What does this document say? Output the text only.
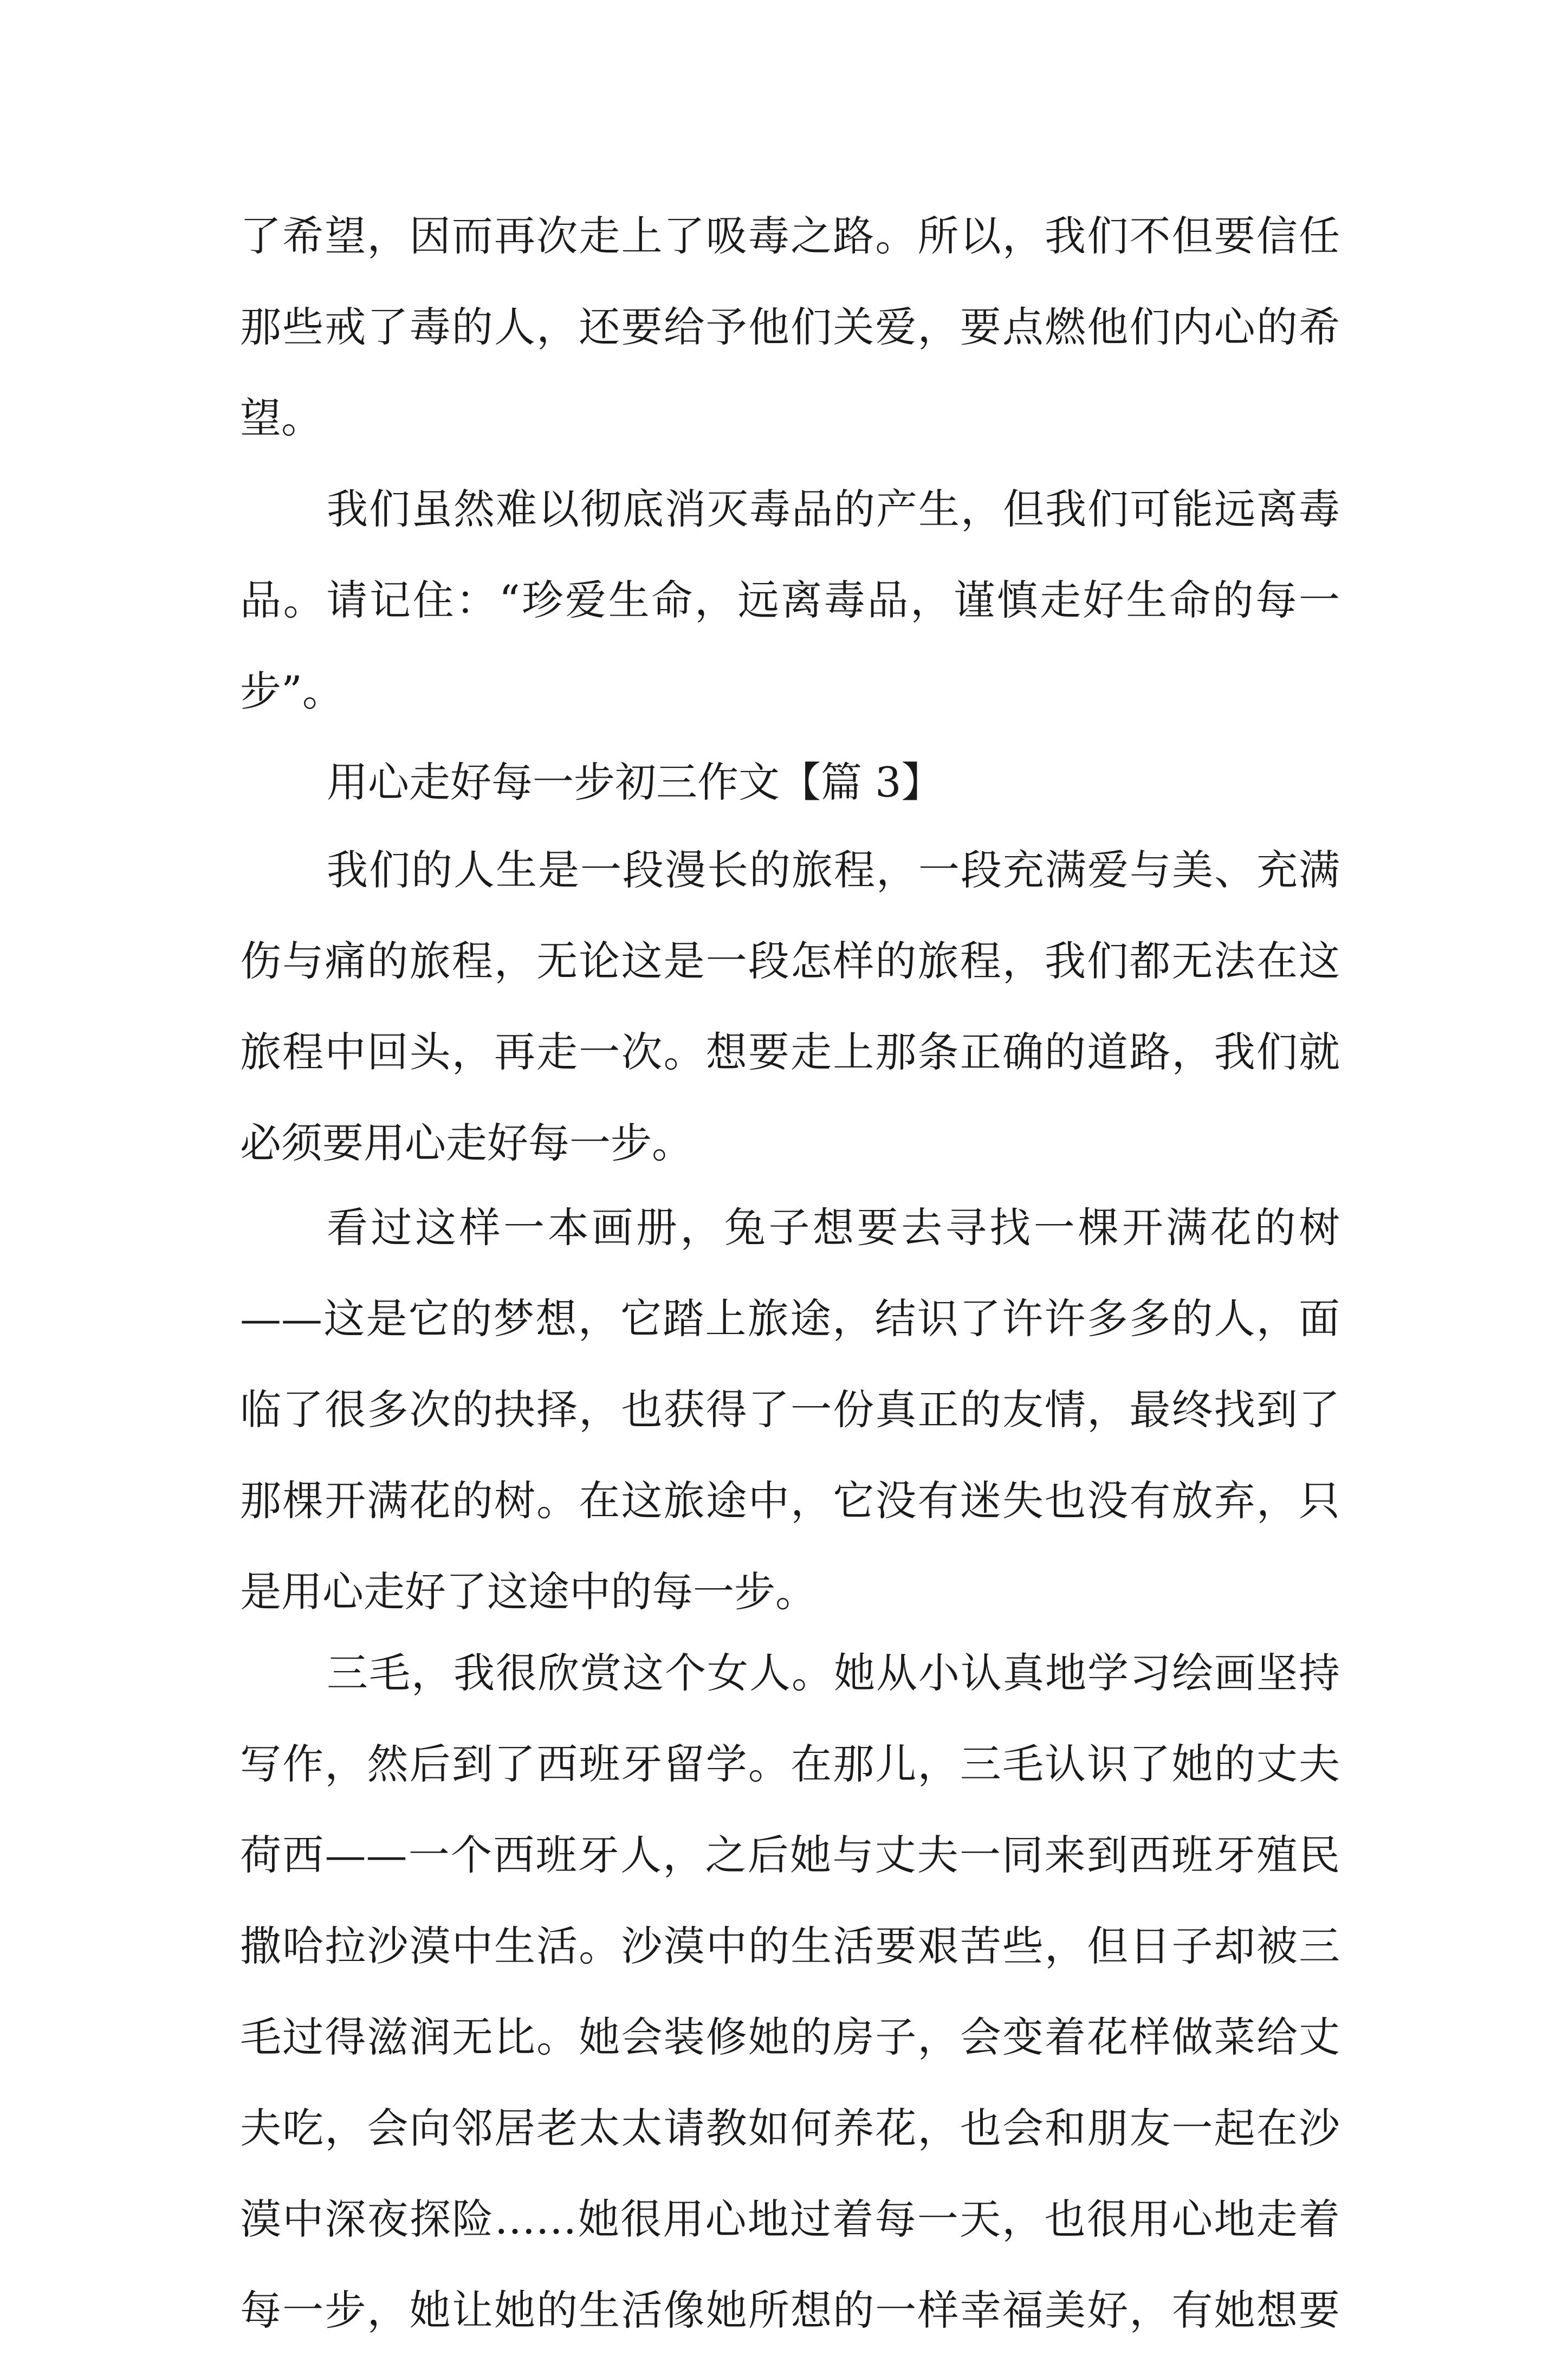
了希望，因而再次走上了吸毒之路。所以，我们不但要信任
那些戒了毒的人，还要给予他们关爱，要点燃他们内心的希
望。
我们虽然难以彻底消灭毒品的产生，但我们可能远离毒
品。请记住：“珍爱生命，远离毒品，谨慎走好生命的每一
步”。
用心走好每一步初三作文【篇 3】
我们的人生是一段漫长的旅程，一段充满爱与美、充满
伤与痛的旅程，无论这是一段怎样的旅程，我们都无法在这
旅程中回头，再走一次。想要走上那条正确的道路，我们就
必须要用心走好每一步。
看过这样一本画册，兔子想要去寻找一棵开满花的树
——这是它的梦想，它踏上旅途，结识了许许多多的人，面
临了很多次的抉择，也获得了一份真正的友情，最终找到了
那棵开满花的树。在这旅途中，它没有迷失也没有放弃，只
是用心走好了这途中的每一步。
三毛，我很欣赏这个女人。她从小认真地学习绘画坚持
写作，然后到了西班牙留学。在那儿，三毛认识了她的丈夫
荷西——一个西班牙人，之后她与丈夫一同来到西班牙殖民
撒哈拉沙漠中生活。沙漠中的生活要艰苦些，但日子却被三
毛过得滋润无比。她会装修她的房子，会变着花样做菜给丈
夫吃，会向邻居老太太请教如何养花，也会和朋友一起在沙
漠中深夜探险……她很用心地过着每一天，也很用心地走着
每一步，她让她的生活像她所想的一样幸福美好，有她想要
